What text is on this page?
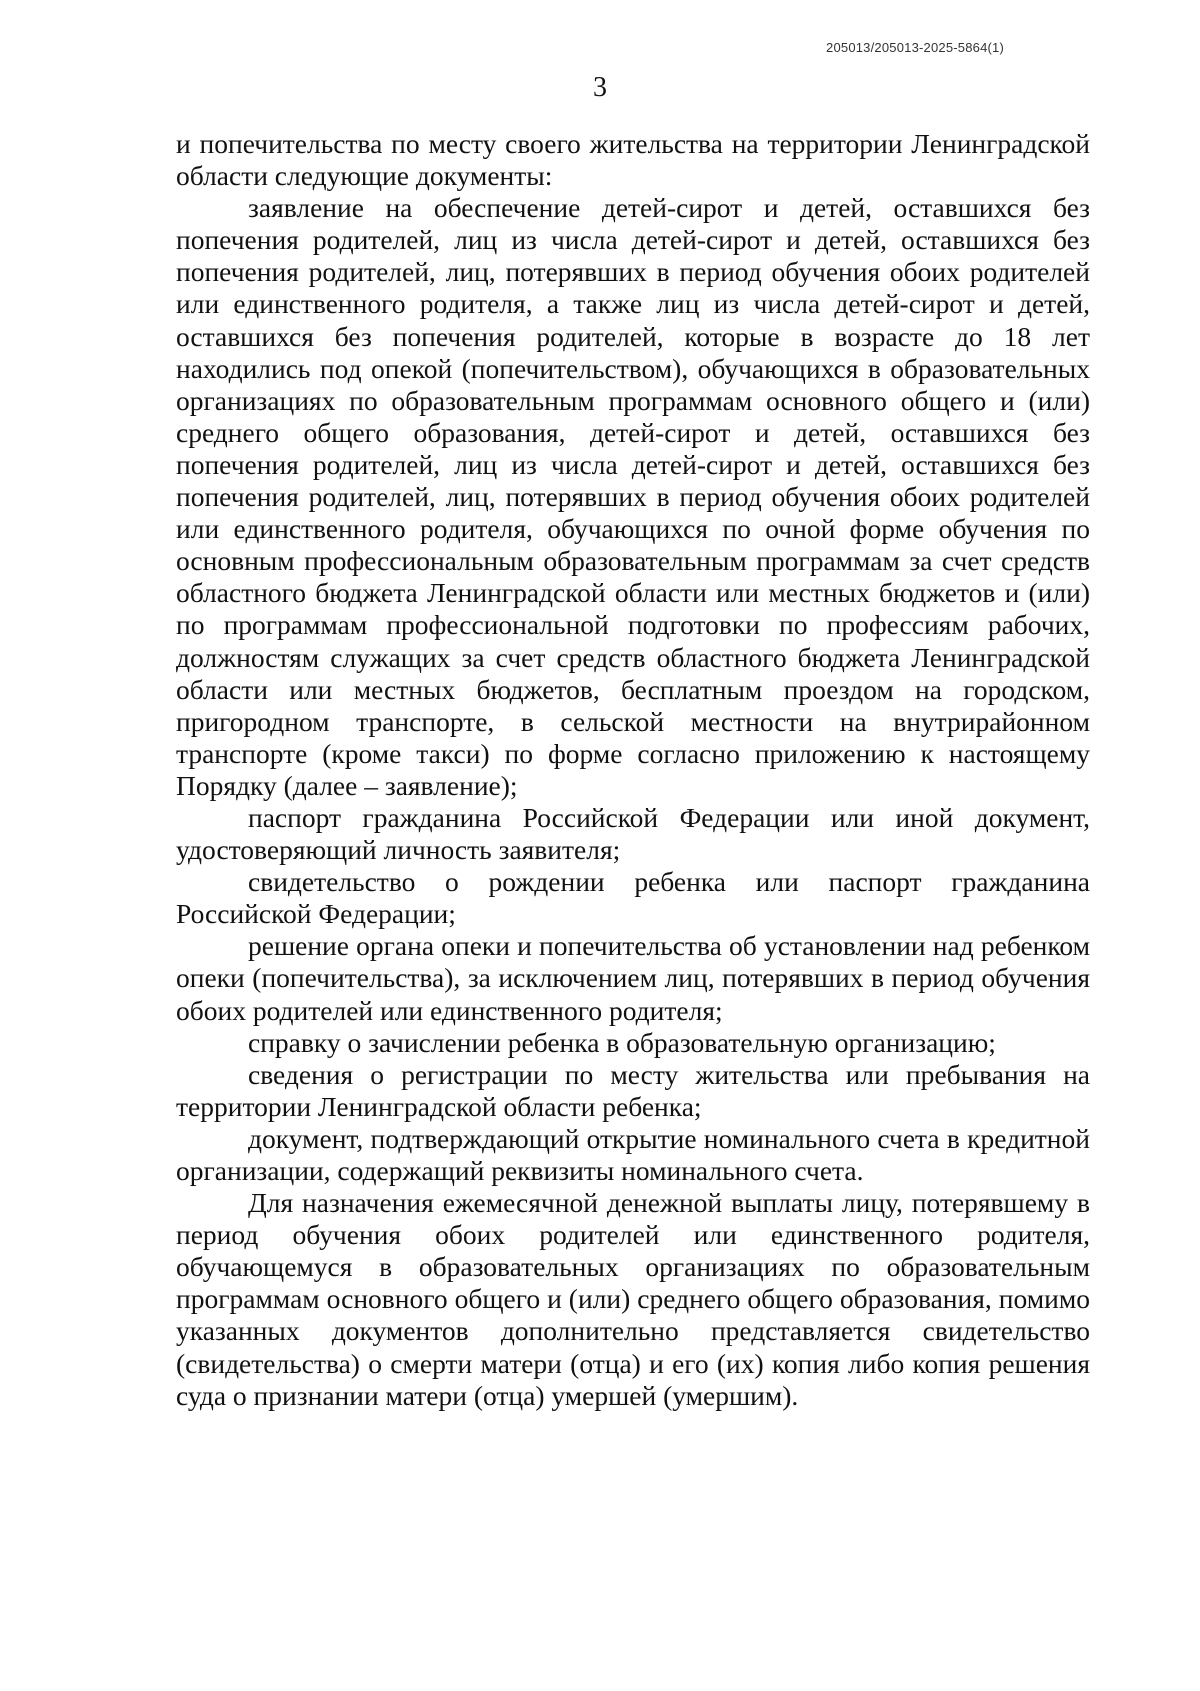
205013/205013-2025-5864(1)
3

и попечительства по месту своего жительства на территории Ленинградской области следующие документы:

заявление на обеспечение детей-сирот и детей, оставшихся без попечения родителей, лиц из числа детей-сирот и детей, оставшихся без попечения родителей, лиц, потерявших в период обучения обоих родителей или единственного родителя, а также лиц из числа детей-сирот и детей, оставшихся без попечения родителей, которые в возрасте до 18 лет находились под опекой (попечительством), обучающихся в образовательных организациях по образовательным программам основного общего и (или) среднего общего образования, детей-сирот и детей, оставшихся без попечения родителей, лиц из числа детей-сирот и детей, оставшихся без попечения родителей, лиц, потерявших в период обучения обоих родителей или единственного родителя, обучающихся по очной форме обучения по основным профессиональным образовательным программам за счет средств областного бюджета Ленинградской области или местных бюджетов и (или) по программам профессиональной подготовки по профессиям рабочих, должностям служащих за счет средств областного бюджета Ленинградской области или местных бюджетов, бесплатным проездом на городском, пригородном транспорте, в сельской местности на внутрирайонном транспорте (кроме такси) по форме согласно приложению к настоящему Порядку (далее – заявление);

паспорт гражданина Российской Федерации или иной документ, удостоверяющий личность заявителя;

свидетельство о рождении ребенка или паспорт гражданина Российской Федерации;

решение органа опеки и попечительства об установлении над ребенком опеки (попечительства), за исключением лиц, потерявших в период обучения обоих родителей или единственного родителя;

справку о зачислении ребенка в образовательную организацию;

сведения о регистрации по месту жительства или пребывания на территории Ленинградской области ребенка;

документ, подтверждающий открытие номинального счета в кредитной организации, содержащий реквизиты номинального счета.

Для назначения ежемесячной денежной выплаты лицу, потерявшему в период обучения обоих родителей или единственного родителя, обучающемуся в образовательных организациях по образовательным программам основного общего и (или) среднего общего образования, помимо указанных документов дополнительно представляется свидетельство (свидетельства) о смерти матери (отца) и его (их) копия либо копия решения суда о признании матери (отца) умершей (умершим).
